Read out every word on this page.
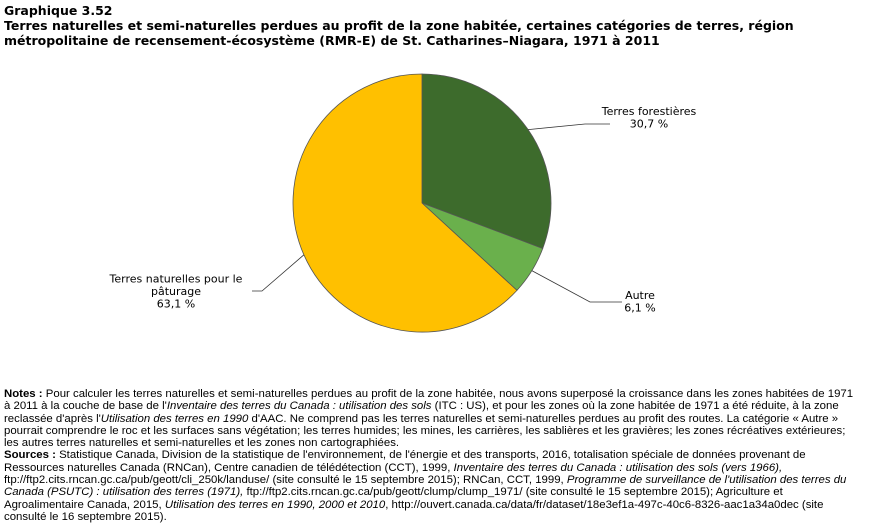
Graphique 3.52
Terres naturelles et semi-naturelles perdues au profit de la zone habitée, certaines catégories de terres, région métropolitaine de recensement-écosystème (RMR-E) de St. Catharines–Niagara, 1971 à 2011
Terres forestières
30,7 %
Autre
6,1 %
Terres naturelles pour le
pâturage
63,1 %

Notes : Pour calculer les terres naturelles et semi-naturelles perdues au profit de la zone habitée, nous avons superposé la croissance dans les zones habitées de 1971 à 2011 à la couche de base de l'Inventaire des terres du Canada : utilisation des sols (ITC : US), et pour les zones où la zone habitée de 1971 a été réduite, à la zone reclassée d'après l'Utilisation des terres en 1990 d'AAC. Ne comprend pas les terres naturelles et semi-naturelles perdues au profit des routes. La catégorie « Autre » pourrait comprendre le roc et les surfaces sans végétation; les terres humides; les mines, les carrières, les sablières et les gravières; les zones récréatives extérieures; les autres terres naturelles et semi-naturelles et les zones non cartographiées.

Sources : Statistique Canada, Division de la statistique de l'environnement, de l'énergie et des transports, 2016, totalisation spéciale de données provenant de Ressources naturelles Canada (RNCan), Centre canadien de télédétection (CCT), 1999, Inventaire des terres du Canada : utilisation des sols (vers 1966), ftp://ftp2.cits.rncan.gc.ca/pub/geott/cli_250k/landuse/ (site consulté le 15 septembre 2015); RNCan, CCT, 1999, Programme de surveillance de l'utilisation des terres du Canada (PSUTC) : utilisation des terres (1971), ftp://ftp2.cits.rncan.gc.ca/pub/geott/clump/clump_1971/ (site consulté le 15 septembre 2015); Agriculture et Agroalimentaire Canada, 2015, Utilisation des terres en 1990, 2000 et 2010, http://ouvert.canada.ca/data/fr/dataset/18e3ef1a-497c-40c6-8326-aac1a34a0dec (site consulté le 16 septembre 2015).
